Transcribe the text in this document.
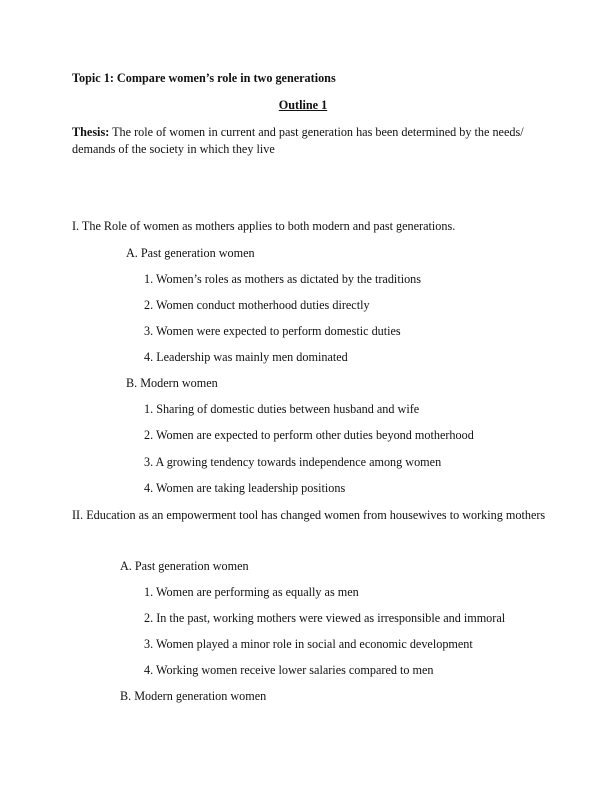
Topic 1: Compare women’s role in two generations
Outline 1
Thesis: The role of women in current and past generation has been determined by the needs/
demands of the society in which they live
I. The Role of women as mothers applies to both modern and past generations.
A. Past generation women
1. Women’s roles as mothers as dictated by the traditions
2. Women conduct motherhood duties directly
3. Women were expected to perform domestic duties
4. Leadership was mainly men dominated
B. Modern women
1. Sharing of domestic duties between husband and wife
2. Women are expected to perform other duties beyond motherhood
3. A growing tendency towards independence among women
4. Women are taking leadership positions
II. Education as an empowerment tool has changed women from housewives to working mothers
A. Past generation women
1. Women are performing as equally as men
2. In the past, working mothers were viewed as irresponsible and immoral
3. Women played a minor role in social and economic development
4. Working women receive lower salaries compared to men
B. Modern generation women
